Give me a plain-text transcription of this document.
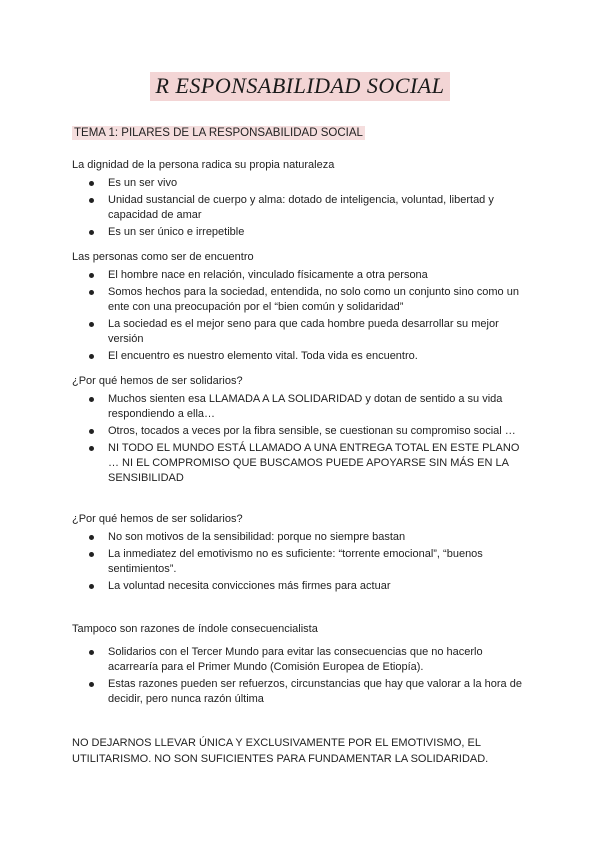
R ESPONSABILIDAD SOCIAL
TEMA 1: PILARES DE LA RESPONSABILIDAD SOCIAL
La dignidad de la persona radica su propia naturaleza
Es un ser vivo
Unidad sustancial de cuerpo y alma: dotado de inteligencia, voluntad, libertad y capacidad de amar
Es un ser único e irrepetible
Las personas como ser de encuentro
El hombre nace en relación, vinculado físicamente a otra persona
Somos hechos para la sociedad, entendida, no solo como un conjunto sino como un ente con una preocupación por el “bien común y solidaridad”
La sociedad es el mejor seno para que cada hombre pueda desarrollar su mejor versión
El encuentro es nuestro elemento vital. Toda vida es encuentro.
¿Por qué hemos de ser solidarios?
Muchos sienten esa LLAMADA A LA SOLIDARIDAD y dotan de sentido a su vida respondiendo a ella…
Otros, tocados a veces por la fibra sensible, se cuestionan su compromiso social …
NI TODO EL MUNDO ESTÁ LLAMADO A UNA ENTREGA TOTAL EN ESTE PLANO … NI EL COMPROMISO QUE BUSCAMOS PUEDE APOYARSE SIN MÁS EN LA SENSIBILIDAD
¿Por qué hemos de ser solidarios?
No son motivos de la sensibilidad: porque no siempre bastan
La inmediatez del emotivismo no es suficiente: “torrente emocional”, “buenos sentimientos”.
La voluntad necesita convicciones más firmes para actuar
Tampoco son razones de índole consecuencialista
Solidarios con el Tercer Mundo para evitar las consecuencias que no hacerlo acarrearía para el Primer Mundo (Comisión Europea de Etiopía).
Estas razones pueden ser refuerzos, circunstancias que hay que valorar a la hora de decidir, pero nunca razón última
NO DEJARNOS LLEVAR ÚNICA Y EXCLUSIVAMENTE POR EL EMOTIVISMO, EL UTILITARISMO. NO SON SUFICIENTES PARA FUNDAMENTAR LA SOLIDARIDAD.
